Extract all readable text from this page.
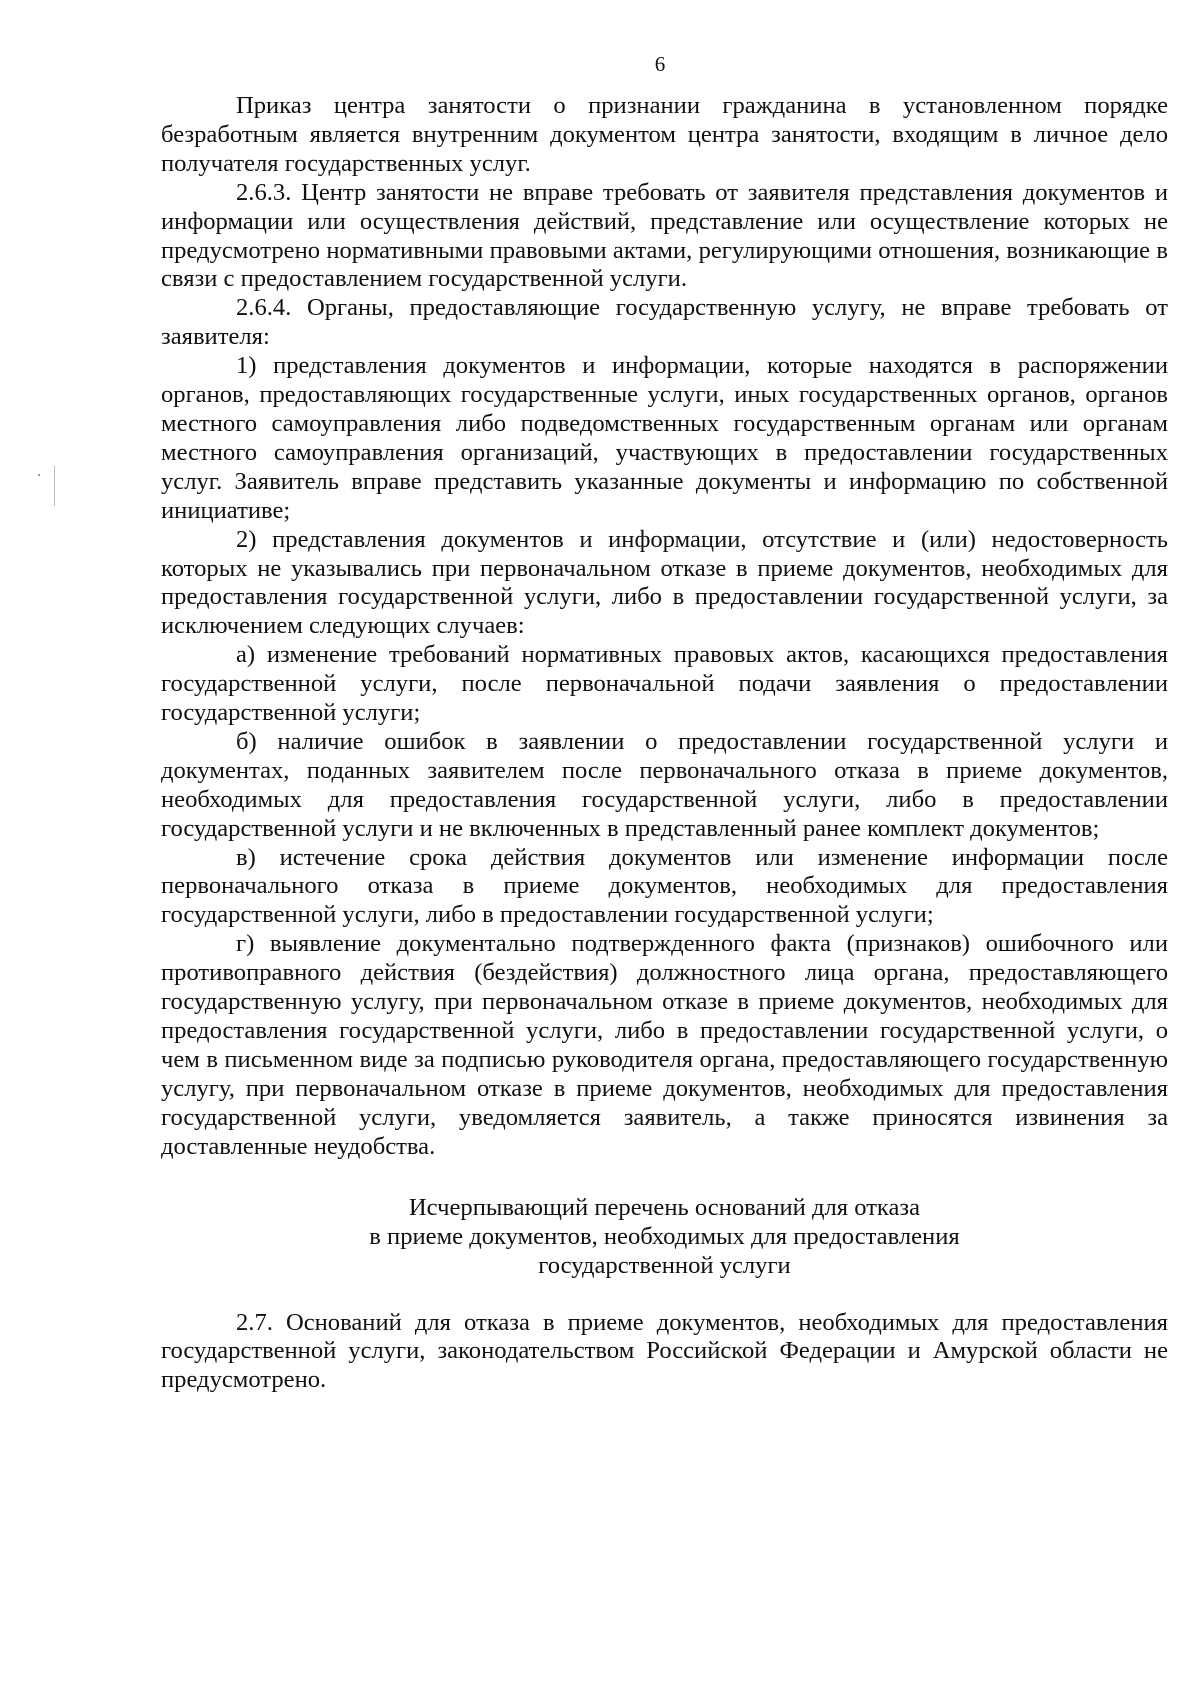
6

Приказ центра занятости о признании гражданина в установленном порядке безработным является внутренним документом центра занятости, входящим в личное дело получателя государственных услуг.

2.6.3. Центр занятости не вправе требовать от заявителя представления документов и информации или осуществления действий, представление или осуществление которых не предусмотрено нормативными правовыми актами, регулирующими отношения, возникающие в связи с предоставлением государственной услуги.

2.6.4. Органы, предоставляющие государственную услугу, не вправе требовать от заявителя:

1) представления документов и информации, которые находятся в распоряжении органов, предоставляющих государственные услуги, иных государственных органов, органов местного самоуправления либо подведомственных государственным органам или органам местного самоуправления организаций, участвующих в предоставлении государственных услуг. Заявитель вправе представить указанные документы и информацию по собственной инициативе;

2) представления документов и информации, отсутствие и (или) недостоверность которых не указывались при первоначальном отказе в приеме документов, необходимых для предоставления государственной услуги, либо в предоставлении государственной услуги, за исключением следующих случаев:

а) изменение требований нормативных правовых актов, касающихся предоставления государственной услуги, после первоначальной подачи заявления о предоставлении государственной услуги;

б) наличие ошибок в заявлении о предоставлении государственной услуги и документах, поданных заявителем после первоначального отказа в приеме документов, необходимых для предоставления государственной услуги, либо в предоставлении государственной услуги и не включенных в представленный ранее комплект документов;

в) истечение срока действия документов или изменение информации после первоначального отказа в приеме документов, необходимых для предоставления государственной услуги, либо в предоставлении государственной услуги;

г) выявление документально подтвержденного факта (признаков) ошибочного или противоправного действия (бездействия) должностного лица органа, предоставляющего государственную услугу, при первоначальном отказе в приеме документов, необходимых для предоставления государственной услуги, либо в предоставлении государственной услуги, о чем в письменном виде за подписью руководителя органа, предоставляющего государственную услугу, при первоначальном отказе в приеме документов, необходимых для предоставления государственной услуги, уведомляется заявитель, а также приносятся извинения за доставленные неудобства.

Исчерпывающий перечень оснований для отказа
в приеме документов, необходимых для предоставления
государственной услуги

2.7. Оснований для отказа в приеме документов, необходимых для предоставления государственной услуги, законодательством Российской Федерации и Амурской области не предусмотрено.
